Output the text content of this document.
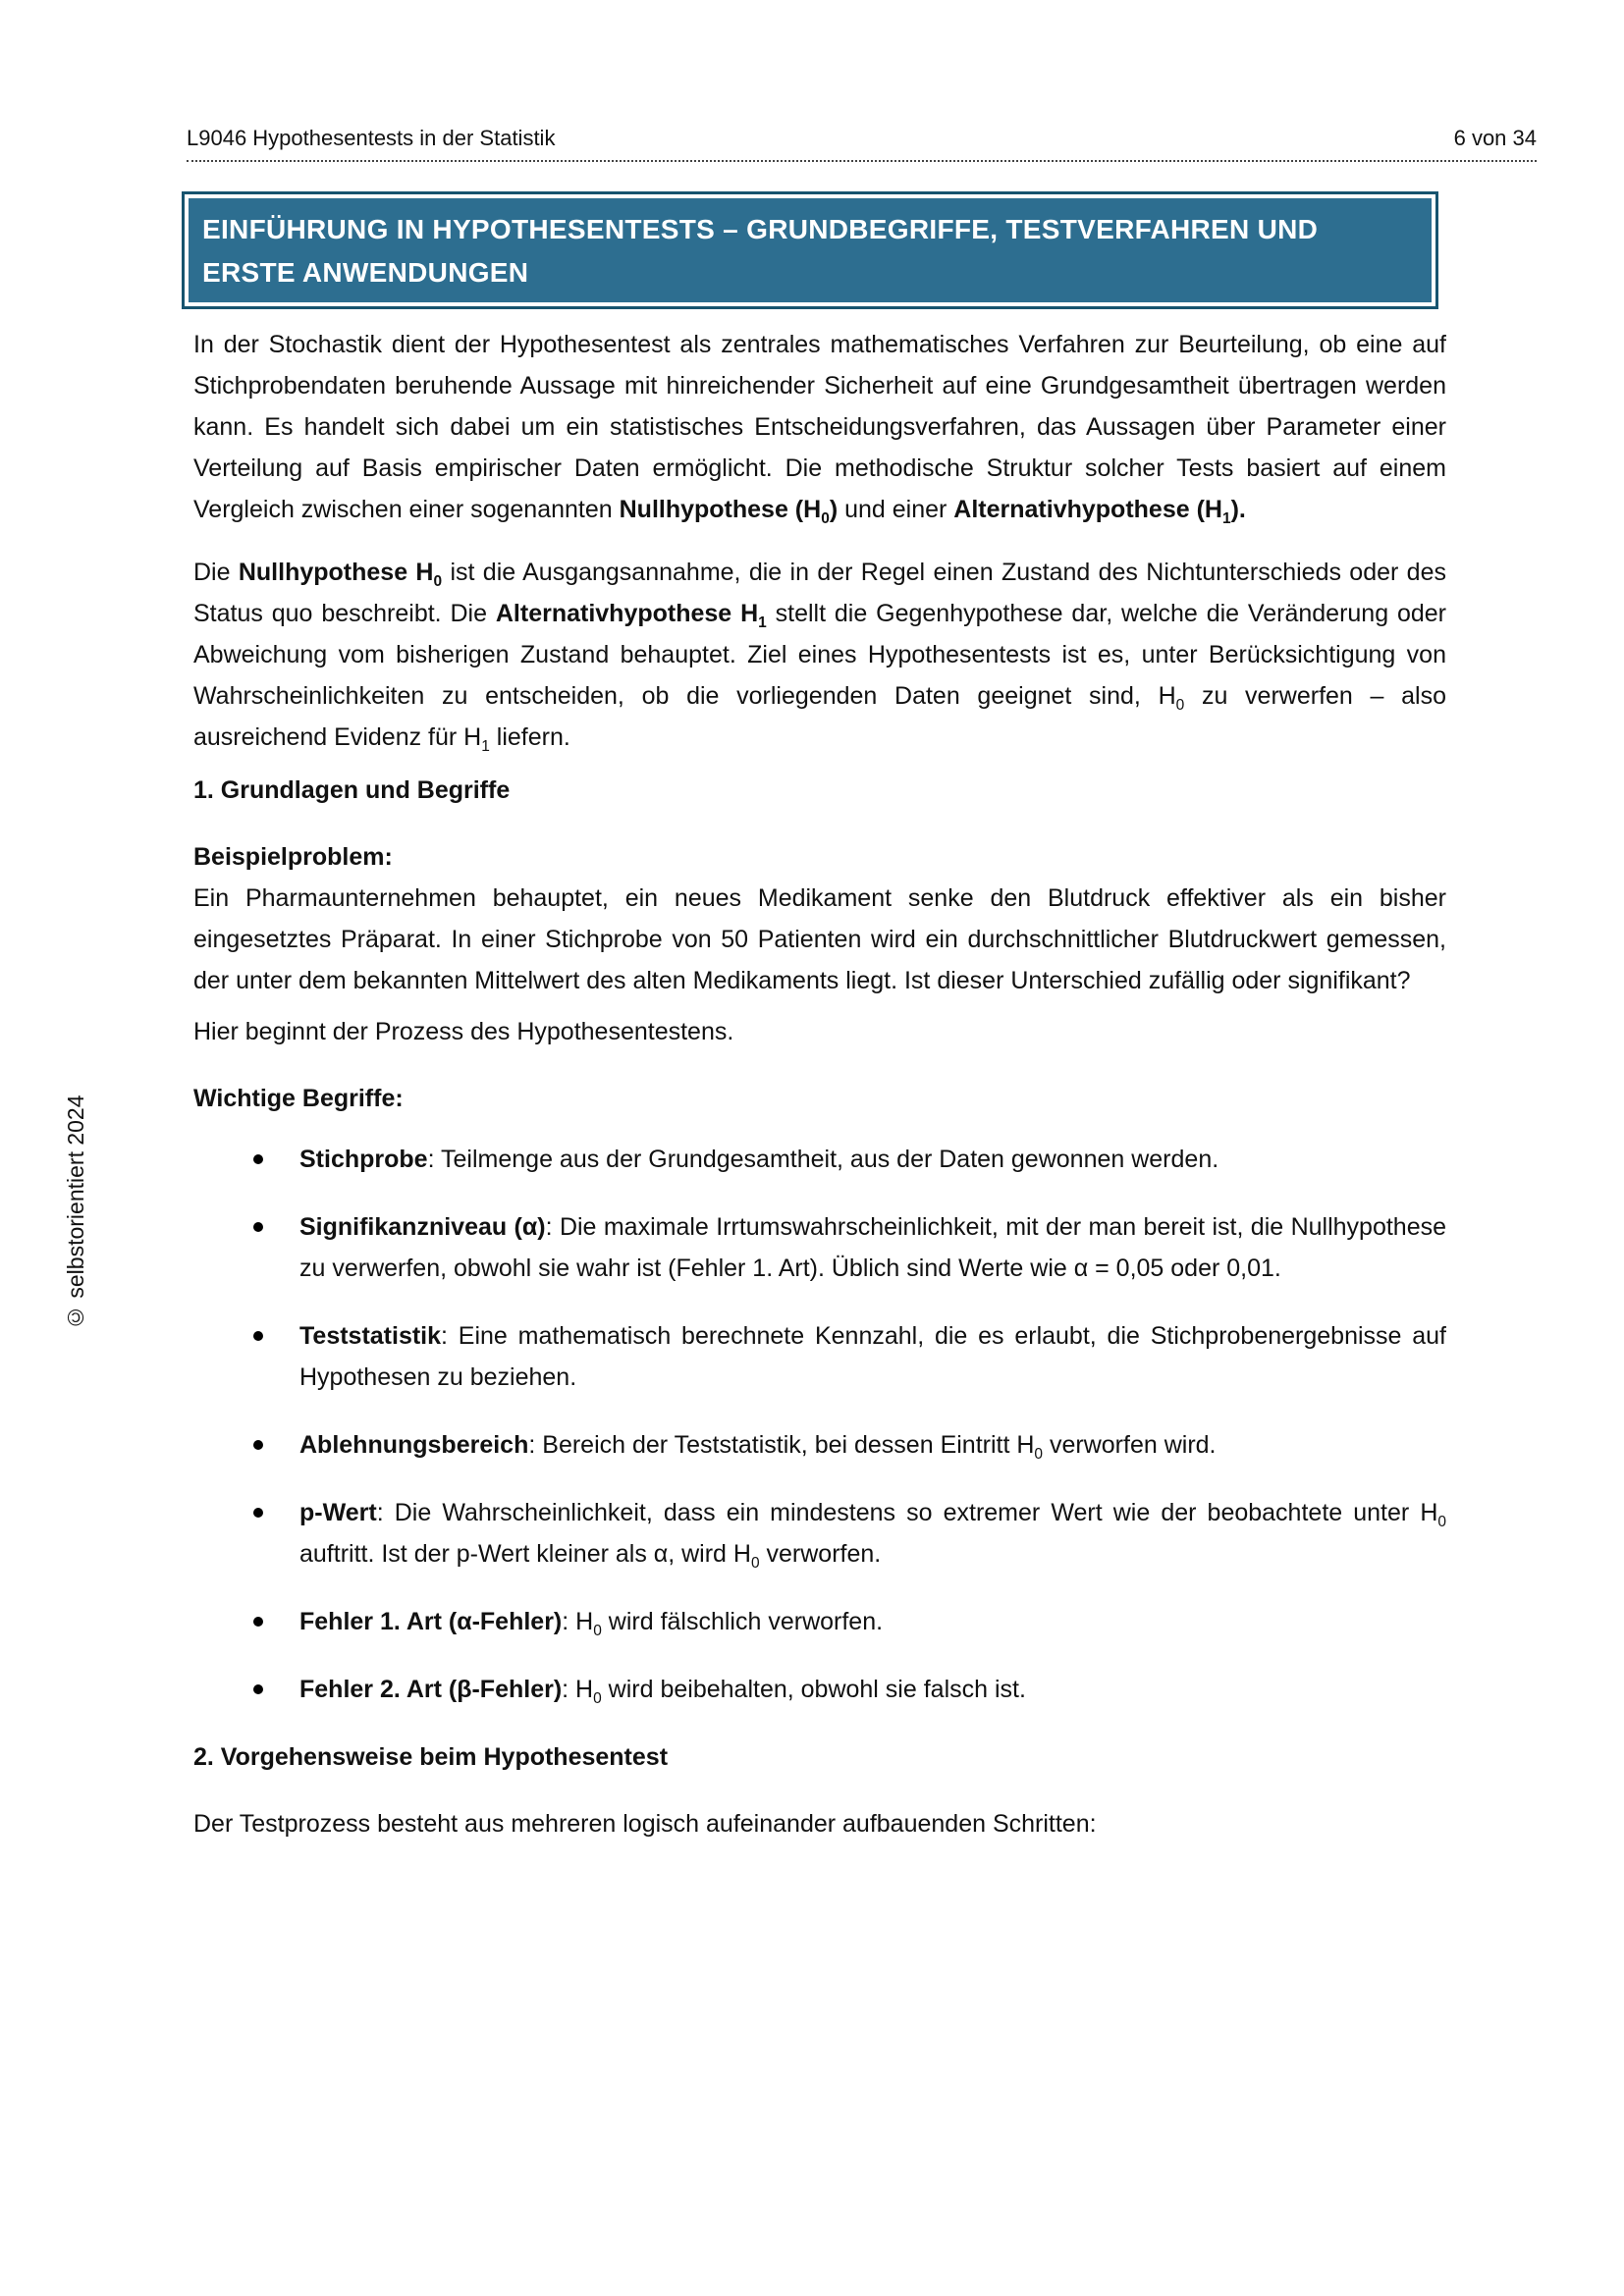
L9046 Hypothesentests in der Statistik	6 von 34
EINFÜHRUNG IN HYPOTHESENTESTS – GRUNDBEGRIFFE, TESTVERFAHREN UND
ERSTE ANWENDUNGEN
© selbstorientiert 2024

In der Stochastik dient der Hypothesentest als zentrales mathematisches Verfahren zur Beurteilung, ob eine auf Stichprobendaten beruhende Aussage mit hinreichender Sicherheit auf eine Grundgesamtheit übertragen werden kann. Es handelt sich dabei um ein statistisches Entscheidungsverfahren, das Aussagen über Parameter einer Verteilung auf Basis empirischer Daten ermöglicht. Die methodische Struktur solcher Tests basiert auf einem Vergleich zwischen einer sogenannten Nullhypothese $(H_0)$ und einer Alternativhypothese $(H_1)$.

Die Nullhypothese $H_0$ ist die Ausgangsannahme, die in der Regel einen Zustand des Nichtunterschieds oder des Status quo beschreibt. Die Alternativhypothese $H_1$ stellt die Gegenhypothese dar, welche die Veränderung oder Abweichung vom bisherigen Zustand behauptet. Ziel eines Hypothesentests ist es, unter Berücksichtigung von Wahrscheinlichkeiten zu entscheiden, ob die vorliegenden Daten geeignet sind, $H_0$ zu verwerfen – also ausreichend Evidenz für $H_1$ liefern.

1. Grundlagen und Begriffe
Beispielproblem:

Ein Pharmaunternehmen behauptet, ein neues Medikament senke den Blutdruck effektiver als ein bisher eingesetztes Präparat. In einer Stichprobe von 50 Patienten wird ein durchschnittlicher Blutdruckwert gemessen, der unter dem bekannten Mittelwert des alten Medikaments liegt. Ist dieser Unterschied zufällig oder signifikant?

Hier beginnt der Prozess des Hypothesentestens.

Wichtige Begriffe:
Stichprobe: Teilmenge aus der Grundgesamtheit, aus der Daten gewonnen werden.
Signifikanzniveau (α): Die maximale Irrtumswahrscheinlichkeit, mit der man bereit ist, die Nullhypothese zu verwerfen, obwohl sie wahr ist (Fehler 1. Art). Üblich sind Werte wie α = 0,05 oder 0,01.
Teststatistik: Eine mathematisch berechnete Kennzahl, die es erlaubt, die Stichprobenergebnisse auf Hypothesen zu beziehen.
Ablehnungsbereich: Bereich der Teststatistik, bei dessen Eintritt $H_0$ verworfen wird.
p-Wert: Die Wahrscheinlichkeit, dass ein mindestens so extremer Wert wie der beobachtete unter $H_0$ auftritt. Ist der p-Wert kleiner als α, wird $H_0$ verworfen.
Fehler 1. Art (α-Fehler): $H_0$ wird fälschlich verworfen.
Fehler 2. Art (β-Fehler): $H_0$ wird beibehalten, obwohl sie falsch ist.
2. Vorgehensweise beim Hypothesentest

Der Testprozess besteht aus mehreren logisch aufeinander aufbauenden Schritten:
